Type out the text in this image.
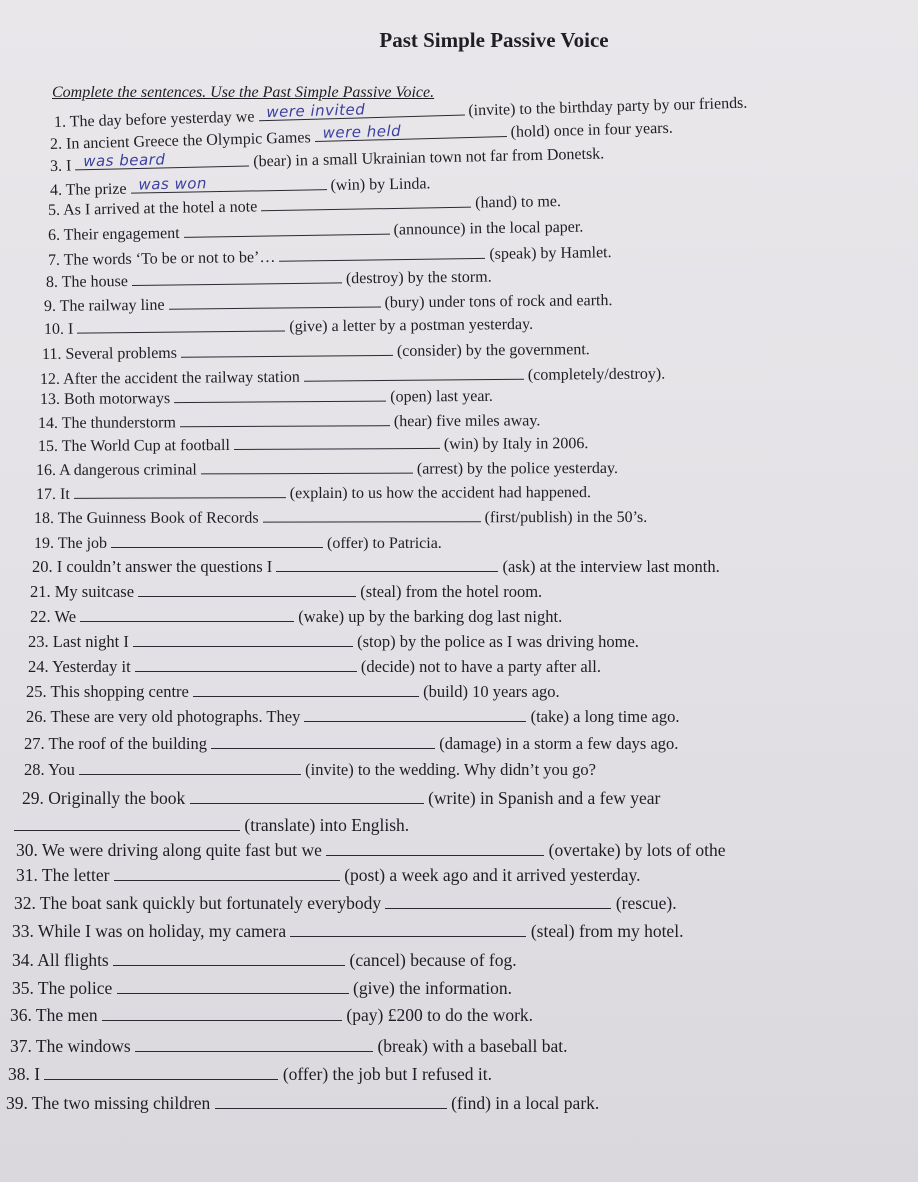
Past Simple Passive Voice
Complete the sentences. Use the Past Simple Passive Voice.
1. The day before yesterday we were invited	(invite) to the birthday party by our friends.
2. In ancient Greece the Olympic Games were held	(hold) once in four years.
3. I was beard	(bear) in a small Ukrainian town not far from Donetsk.
4. The prize was won	(win) by Linda.
5. As I arrived at the hotel a note	(hand) to me.
6. Their engagement	(announce) in the local paper.
7. The words ‘To be or not to be’…	(speak) by Hamlet.
8. The house	(destroy) by the storm.
9. The railway line	(bury) under tons of rock and earth.
10. I	(give) a letter by a postman yesterday.
11. Several problems	(consider) by the government.
12. After the accident the railway station	(completely/destroy).
13. Both motorways	(open) last year.
14. The thunderstorm	(hear) five miles away.
15. The World Cup at football	(win) by Italy in 2006.
16. A dangerous criminal	(arrest) by the police yesterday.
17. It	(explain) to us how the accident had happened.
18. The Guinness Book of Records	(first/publish) in the 50’s.
19. The job	(offer) to Patricia.
20. I couldn’t answer the questions I	(ask) at the interview last month.
21. My suitcase	(steal) from the hotel room.
22. We	(wake) up by the barking dog last night.
23. Last night I	(stop) by the police as I was driving home.
24. Yesterday it	(decide) not to have a party after all.
25. This shopping centre	(build) 10 years ago.
26. These are very old photographs. They	(take) a long time ago.
27. The roof of the building	(damage) in a storm a few days ago.
28. You	(invite) to the wedding. Why didn’t you go?
29. Originally the book	(write) in Spanish and a few year
(translate) into English.
30. We were driving along quite fast but we	(overtake) by lots of othe
31. The letter	(post) a week ago and it arrived yesterday.
32. The boat sank quickly but fortunately everybody	(rescue).
33. While I was on holiday, my camera	(steal) from my hotel.
34. All flights	(cancel) because of fog.
35. The police	(give) the information.
36. The men	(pay) £200 to do the work.
37. The windows	(break) with a baseball bat.
38. I	(offer) the job but I refused it.
39. The two missing children	(find) in a local park.
